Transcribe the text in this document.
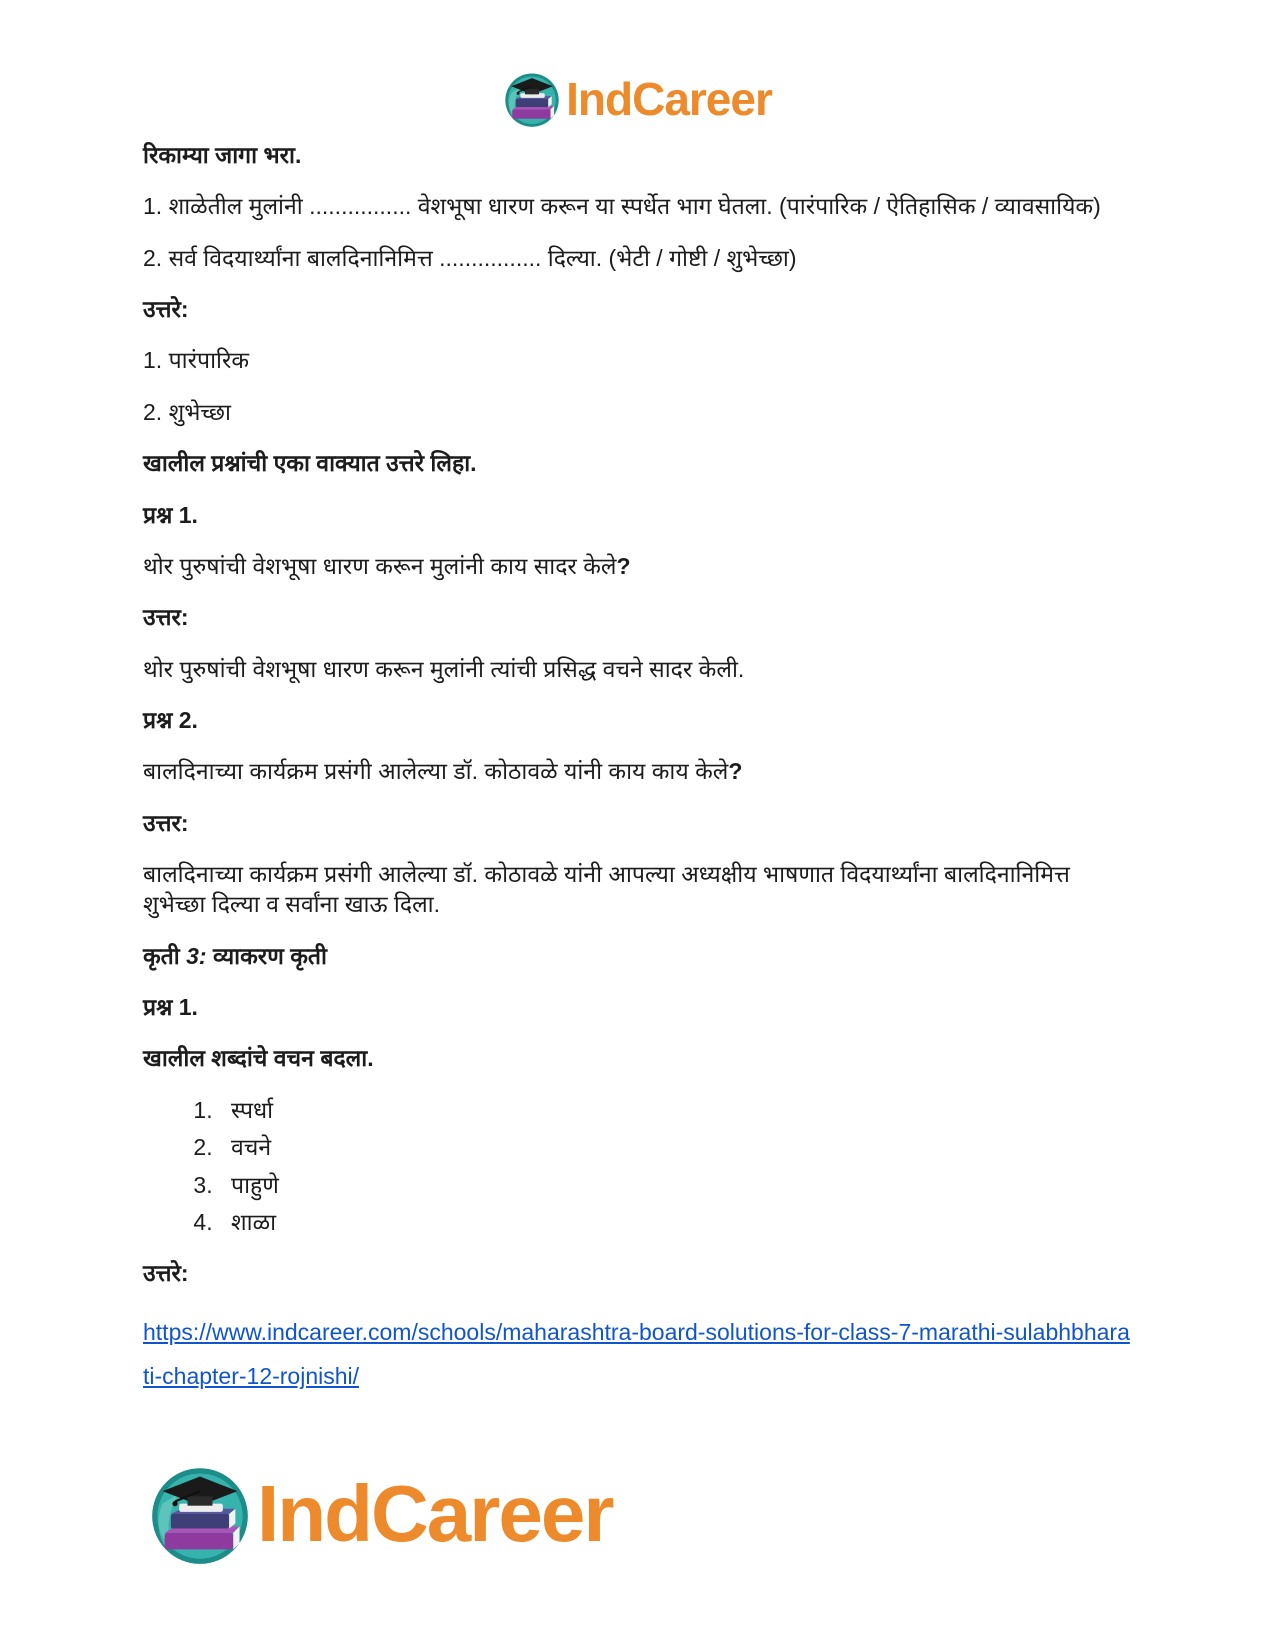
IndCareer

रिकाम्या जागा भरा.

1. शाळेतील मुलांनी ................ वेशभूषा धारण करून या स्पर्धेत भाग घेतला. (पारंपारिक / ऐतिहासिक / व्यावसायिक)

2. सर्व विदयार्थ्यांना बालदिनानिमित्त ................ दिल्या. (भेटी / गोष्टी / शुभेच्छा)

उत्तरे:

1. पारंपारिक

2. शुभेच्छा

खालील प्रश्नांची एका वाक्यात उत्तरे लिहा.

प्रश्न 1.

थोर पुरुषांची वेशभूषा धारण करून मुलांनी काय सादर केले?

उत्तर:

थोर पुरुषांची वेशभूषा धारण करून मुलांनी त्यांची प्रसिद्ध वचने सादर केली.

प्रश्न 2.

बालदिनाच्या कार्यक्रम प्रसंगी आलेल्या डॉ. कोठावळे यांनी काय काय केले?

उत्तर:

बालदिनाच्या कार्यक्रम प्रसंगी आलेल्या डॉ. कोठावळे यांनी आपल्या अध्यक्षीय भाषणात विदयार्थ्यांना बालदिनानिमित्त शुभेच्छा दिल्या व सर्वांना खाऊ दिला.

कृती 3: व्याकरण कृती

प्रश्न 1.

खालील शब्दांचे वचन बदला.

1. स्पर्धा
2. वचने
3. पाहुणे
4. शाळा

उत्तरे:

https://www.indcareer.com/schools/maharashtra-board-solutions-for-class-7-marathi-sulabhbharati-chapter-12-rojnishi/
IndCareer
